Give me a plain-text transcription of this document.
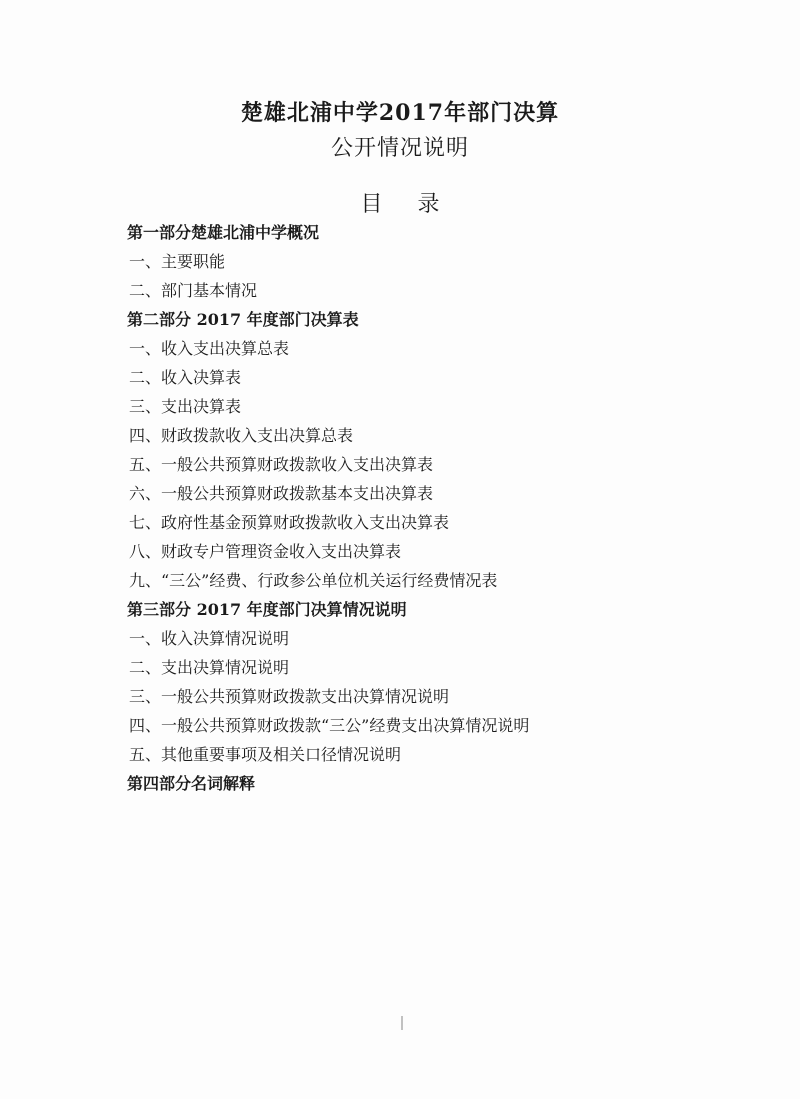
楚雄北浦中学2017年部门决算
公开情况说明
目 录
第一部分楚雄北浦中学概况
一、主要职能
二、部门基本情况
第二部分 2017 年度部门决算表
一、收入支出决算总表
二、收入决算表
三、支出决算表
四、财政拨款收入支出决算总表
五、一般公共预算财政拨款收入支出决算表
六、一般公共预算财政拨款基本支出决算表
七、政府性基金预算财政拨款收入支出决算表
八、财政专户管理资金收入支出决算表
九、“三公”经费、行政参公单位机关运行经费情况表
第三部分 2017 年度部门决算情况说明
一、收入决算情况说明
二、支出决算情况说明
三、一般公共预算财政拨款支出决算情况说明
四、一般公共预算财政拨款“三公”经费支出决算情况说明
五、其他重要事项及相关口径情况说明
第四部分名词解释
